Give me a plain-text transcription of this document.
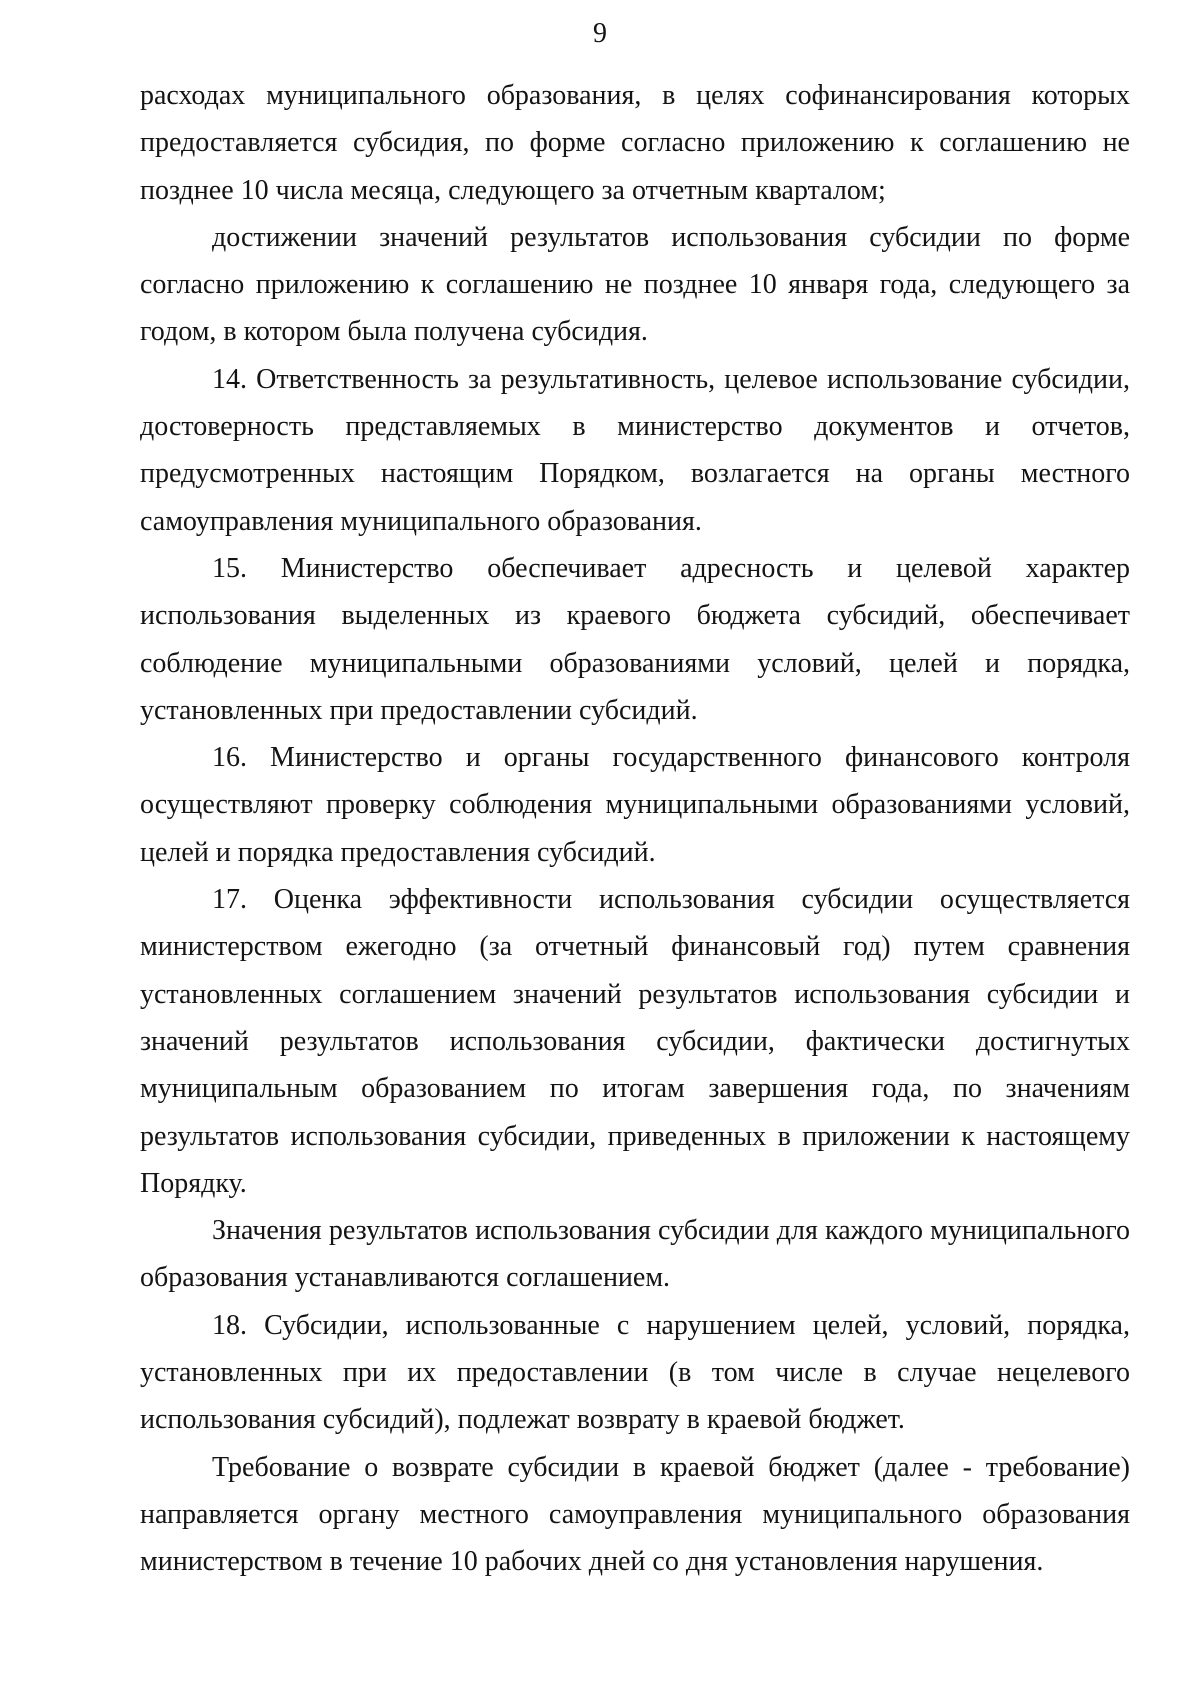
9

расходах муниципального образования, в целях софинансирования которых предоставляется субсидия, по форме согласно приложению к соглашению не позднее 10 числа месяца, следующего за отчетным кварталом;

достижении значений результатов использования субсидии по форме согласно приложению к соглашению не позднее 10 января года, следующего за годом, в котором была получена субсидия.

14. Ответственность за результативность, целевое использование субсидии, достоверность представляемых в министерство документов и отчетов, предусмотренных настоящим Порядком, возлагается на органы местного самоуправления муниципального образования.

15. Министерство обеспечивает адресность и целевой характер использования выделенных из краевого бюджета субсидий, обеспечивает соблюдение муниципальными образованиями условий, целей и порядка, установленных при предоставлении субсидий.

16. Министерство и органы государственного финансового контроля осуществляют проверку соблюдения муниципальными образованиями условий, целей и порядка предоставления субсидий.

17. Оценка эффективности использования субсидии осуществляется министерством ежегодно (за отчетный финансовый год) путем сравнения установленных соглашением значений результатов использования субсидии и значений результатов использования субсидии, фактически достигнутых муниципальным образованием по итогам завершения года, по значениям результатов использования субсидии, приведенных в приложении к настоящему Порядку.

Значения результатов использования субсидии для каждого муниципального образования устанавливаются соглашением.

18. Субсидии, использованные с нарушением целей, условий, порядка, установленных при их предоставлении (в том числе в случае нецелевого использования субсидий), подлежат возврату в краевой бюджет.

Требование о возврате субсидии в краевой бюджет (далее - требование) направляется органу местного самоуправления муниципального образования министерством в течение 10 рабочих дней со дня установления нарушения.
